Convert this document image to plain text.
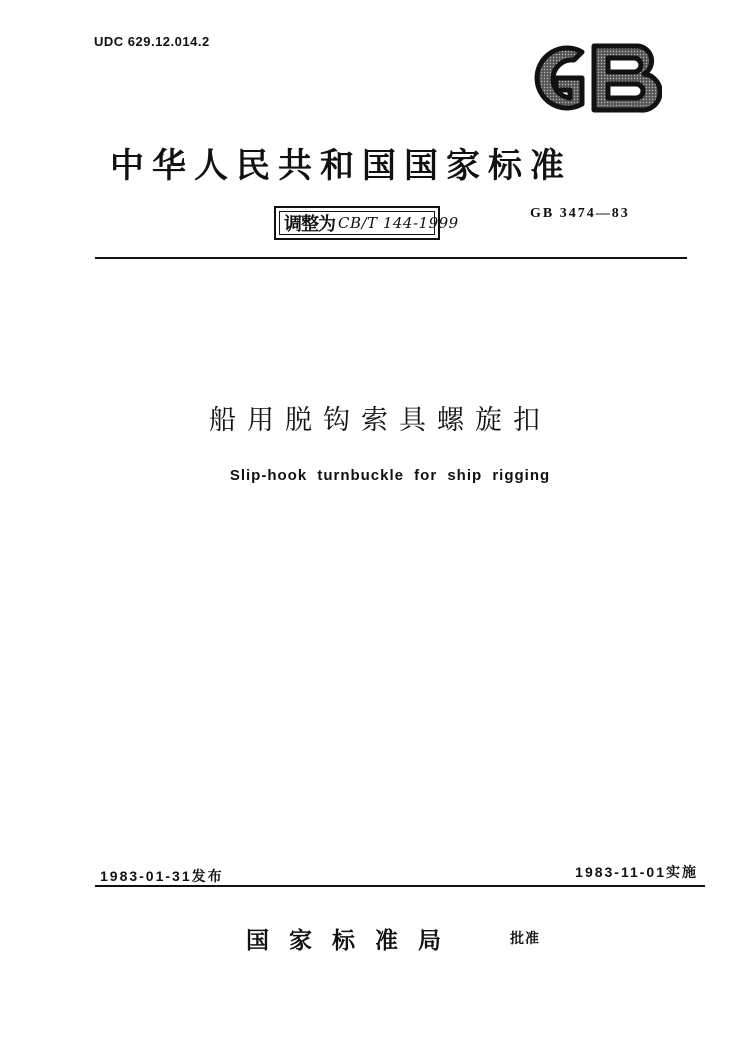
UDC 629.12.014.2
中华人民共和国国家标准
调整为 CB/T 144-1999
GB 3474—83
船用脱钩索具螺旋扣
Slip-hook turnbuckle for ship rigging
1983-01-31发布	1983-11-01实施
国家标准局	批准
